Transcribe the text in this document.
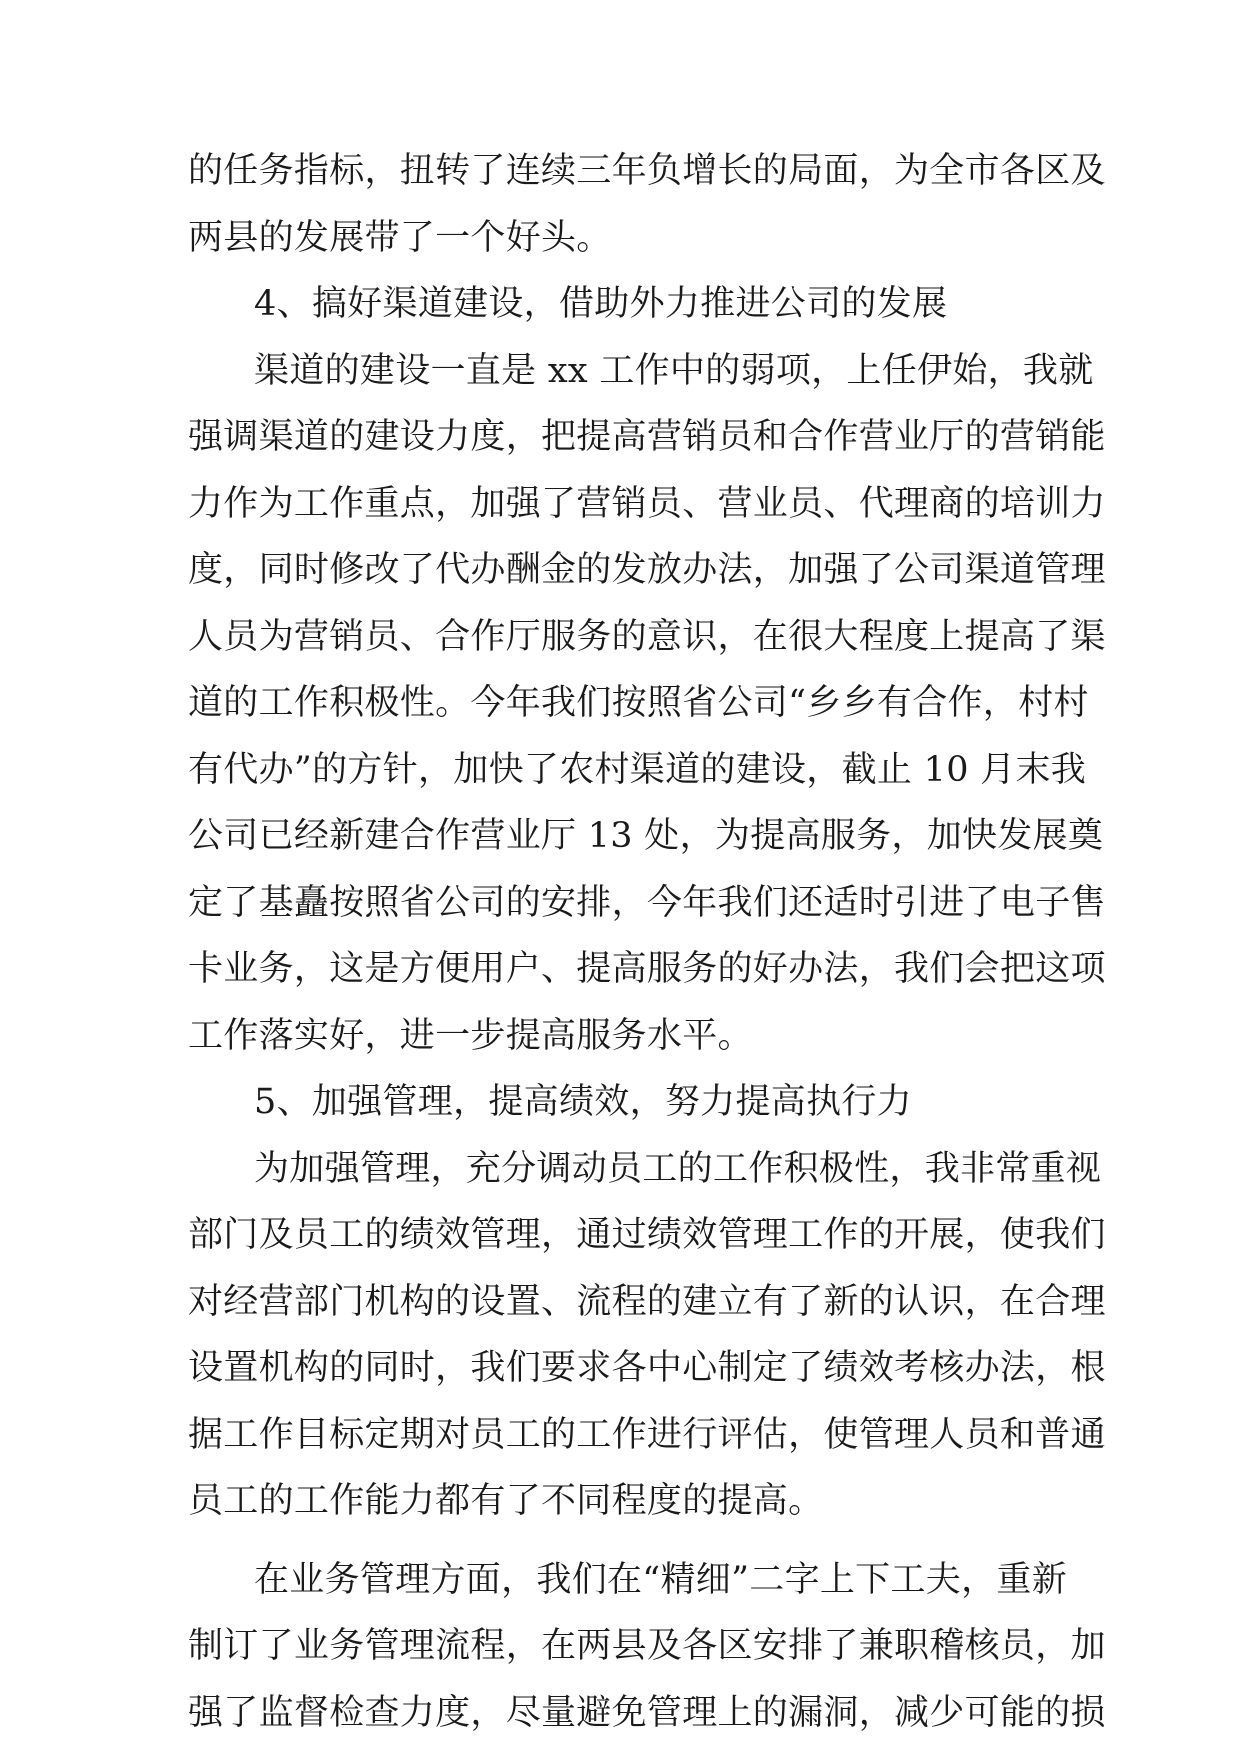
的任务指标，扭转了连续三年负增长的局面，为全市各区及
两县的发展带了一个好头。
4、搞好渠道建设，借助外力推进公司的发展
渠道的建设一直是 xx 工作中的弱项，上任伊始，我就
强调渠道的建设力度，把提高营销员和合作营业厅的营销能
力作为工作重点，加强了营销员、营业员、代理商的培训力
度，同时修改了代办酬金的发放办法，加强了公司渠道管理
人员为营销员、合作厅服务的意识，在很大程度上提高了渠
道的工作积极性。今年我们按照省公司“乡乡有合作，村村
有代办”的方针，加快了农村渠道的建设，截止 10 月末我
公司已经新建合作营业厅 13 处，为提高服务，加快发展奠
定了基矗按照省公司的安排，今年我们还适时引进了电子售
卡业务，这是方便用户、提高服务的好办法，我们会把这项
工作落实好，进一步提高服务水平。
5、加强管理，提高绩效，努力提高执行力
为加强管理，充分调动员工的工作积极性，我非常重视
部门及员工的绩效管理，通过绩效管理工作的开展，使我们
对经营部门机构的设置、流程的建立有了新的认识，在合理
设置机构的同时，我们要求各中心制定了绩效考核办法，根
据工作目标定期对员工的工作进行评估，使管理人员和普通
员工的工作能力都有了不同程度的提高。
在业务管理方面，我们在“精细”二字上下工夫，重新
制订了业务管理流程，在两县及各区安排了兼职稽核员，加
强了监督检查力度，尽量避免管理上的漏洞，减少可能的损
